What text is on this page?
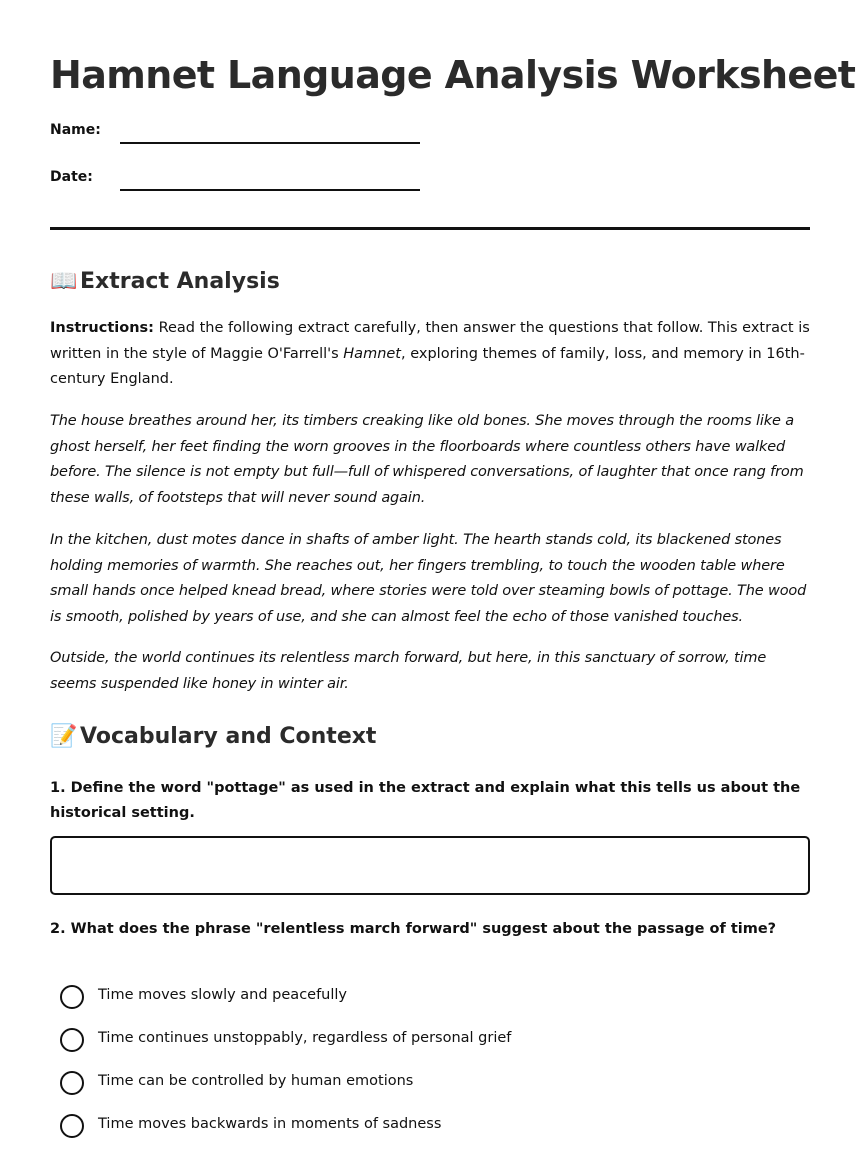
Hamnet Language Analysis Worksheet
Name:
Date:
📖 Extract Analysis

Instructions: Read the following extract carefully, then answer the questions that follow. This extract is written in the style of Maggie O'Farrell's Hamnet, exploring themes of family, loss, and memory in 16th-century England.

The house breathes around her, its timbers creaking like old bones. She moves through the rooms like a ghost herself, her feet finding the worn grooves in the floorboards where countless others have walked before. The silence is not empty but full—full of whispered conversations, of laughter that once rang from these walls, of footsteps that will never sound again.

In the kitchen, dust motes dance in shafts of amber light. The hearth stands cold, its blackened stones holding memories of warmth. She reaches out, her fingers trembling, to touch the wooden table where small hands once helped knead bread, where stories were told over steaming bowls of pottage. The wood is smooth, polished by years of use, and she can almost feel the echo of those vanished touches.

Outside, the world continues its relentless march forward, but here, in this sanctuary of sorrow, time seems suspended like honey in winter air.

📝 Vocabulary and Context

1. Define the word "pottage" as used in the extract and explain what this tells us about the historical setting.

2. What does the phrase "relentless march forward" suggest about the passage of time?

Time moves slowly and peacefully
Time continues unstoppably, regardless of personal grief
Time can be controlled by human emotions
Time moves backwards in moments of sadness
